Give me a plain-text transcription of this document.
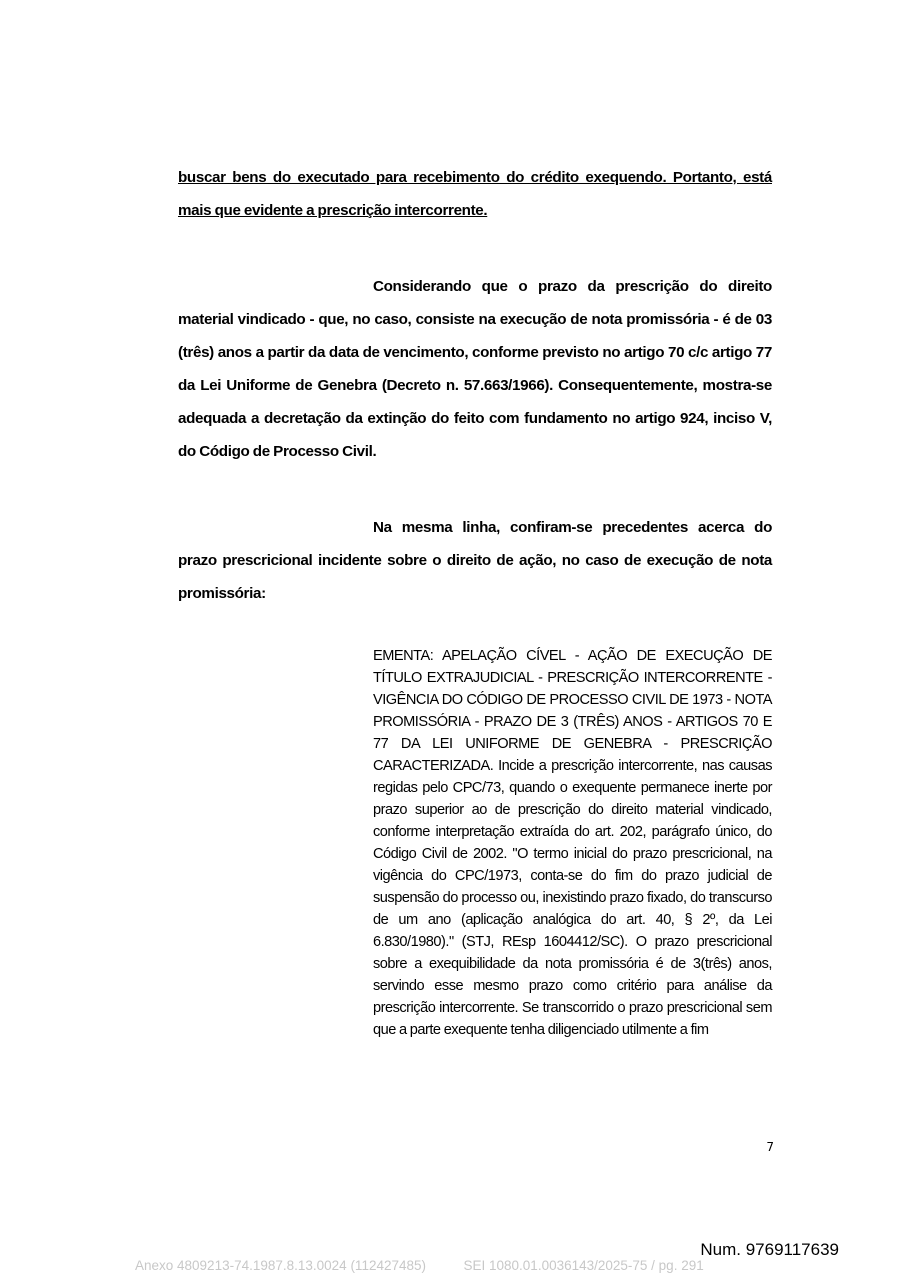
buscar bens do executado para recebimento do crédito exequendo. Portanto, está mais que evidente a prescrição intercorrente.

Considerando que o prazo da prescrição do direito material vindicado - que, no caso, consiste na execução de nota promissória - é de 03 (três) anos a partir da data de vencimento, conforme previsto no artigo 70 c/c artigo 77 da Lei Uniforme de Genebra (Decreto n. 57.663/1966). Consequentemente, mostra-se adequada a decretação da extinção do feito com fundamento no artigo 924, inciso V, do Código de Processo Civil.

Na mesma linha, confiram-se precedentes acerca do prazo prescricional incidente sobre o direito de ação, no caso de execução de nota promissória:

EMENTA: APELAÇÃO CÍVEL - AÇÃO DE EXECUÇÃO DE TÍTULO EXTRAJUDICIAL - PRESCRIÇÃO INTERCORRENTE - VIGÊNCIA DO CÓDIGO DE PROCESSO CIVIL DE 1973 - NOTA PROMISSÓRIA - PRAZO DE 3 (TRÊS) ANOS - ARTIGOS 70 E 77 DA LEI UNIFORME DE GENEBRA - PRESCRIÇÃO CARACTERIZADA. Incide a prescrição intercorrente, nas causas regidas pelo CPC/73, quando o exequente permanece inerte por prazo superior ao de prescrição do direito material vindicado, conforme interpretação extraída do art. 202, parágrafo único, do Código Civil de 2002. "O termo inicial do prazo prescricional, na vigência do CPC/1973, conta-se do fim do prazo judicial de suspensão do processo ou, inexistindo prazo fixado, do transcurso de um ano (aplicação analógica do art. 40, § 2º, da Lei 6.830/1980)." (STJ, REsp 1604412/SC). O prazo prescricional sobre a exequibilidade da nota promissória é de 3(três) anos, servindo esse mesmo prazo como critério para análise da prescrição intercorrente. Se transcorrido o prazo prescricional sem que a parte exequente tenha diligenciado utilmente a fim

7
Num. 9769117639
Anexo 4809213-74.1987.8.13.0024 (112427485)          SEI 1080.01.0036143/2025-75 / pg. 291
